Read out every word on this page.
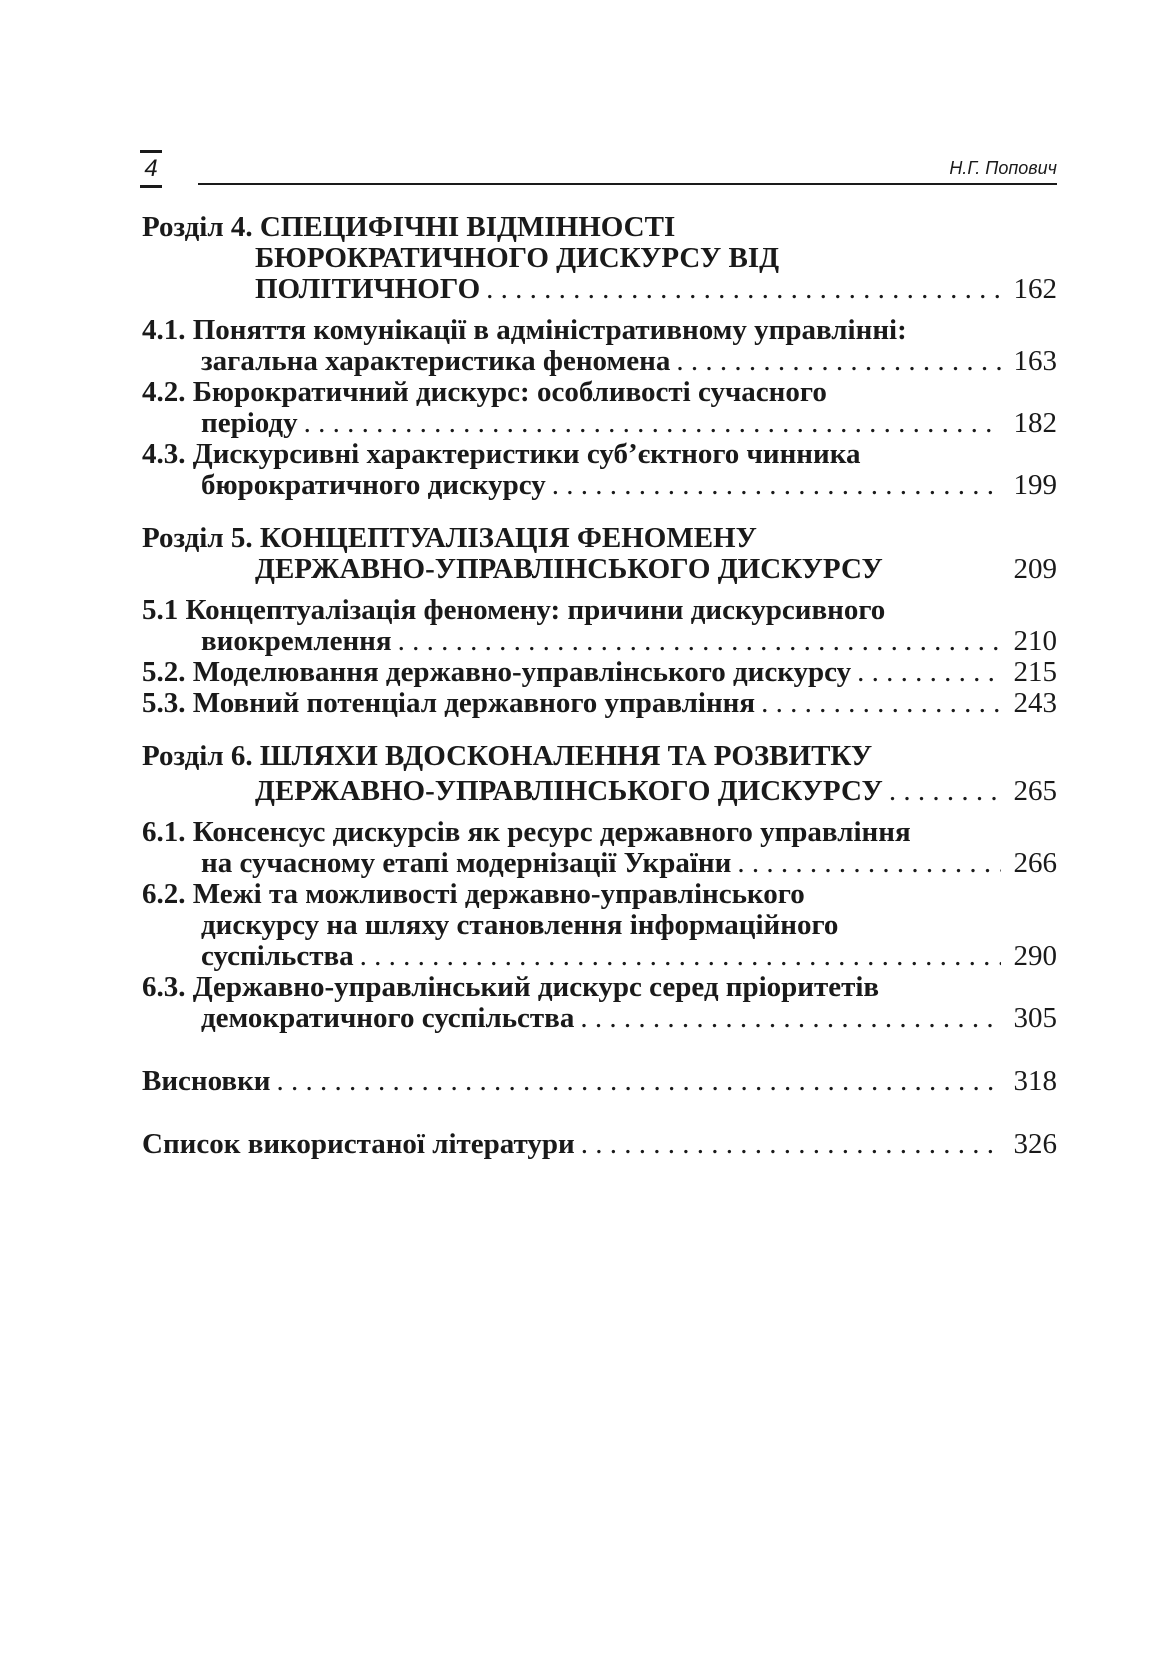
4	Н.Г. Попович
Розділ 4. СПЕЦИФІЧНІ ВІДМІННОСТІ
БЮРОКРАТИЧНОГО ДИСКУРСУ ВІД
ПОЛІТИЧНОГО . . .	162
4.1. Поняття комунікації в адміністративному управлінні:
загальна характеристика феномена . . .	163
4.2. Бюрократичний дискурс: особливості сучасного
періоду . . .	182
4.3. Дискурсивні характеристики суб’єктного чинника
бюрократичного дискурсу . . .	199
Розділ 5. КОНЦЕПТУАЛІЗАЦІЯ ФЕНОМЕНУ
ДЕРЖАВНО-УПРАВЛІНСЬКОГО ДИСКУРСУ	209
5.1 Концептуалізація феномену: причини дискурсивного
виокремлення . . .	210
5.2. Моделювання державно-управлінського дискурсу . . .	215
5.3. Мовний потенціал державного управління . . .	243
Розділ 6. ШЛЯХИ ВДОСКОНАЛЕННЯ ТА РОЗВИТКУ
ДЕРЖАВНО-УПРАВЛІНСЬКОГО ДИСКУРСУ . . .	265
6.1. Консенсус дискурсів як ресурс державного управління
на сучасному етапі модернізації України . . .	266
6.2. Межі та можливості державно-управлінського
дискурсу на шляху становлення інформаційного
суспільства . . .	290
6.3. Державно-управлінський дискурс серед пріоритетів
демократичного суспільства . . .	305
Висновки . . .	318
Список використаної літератури . . .	326
